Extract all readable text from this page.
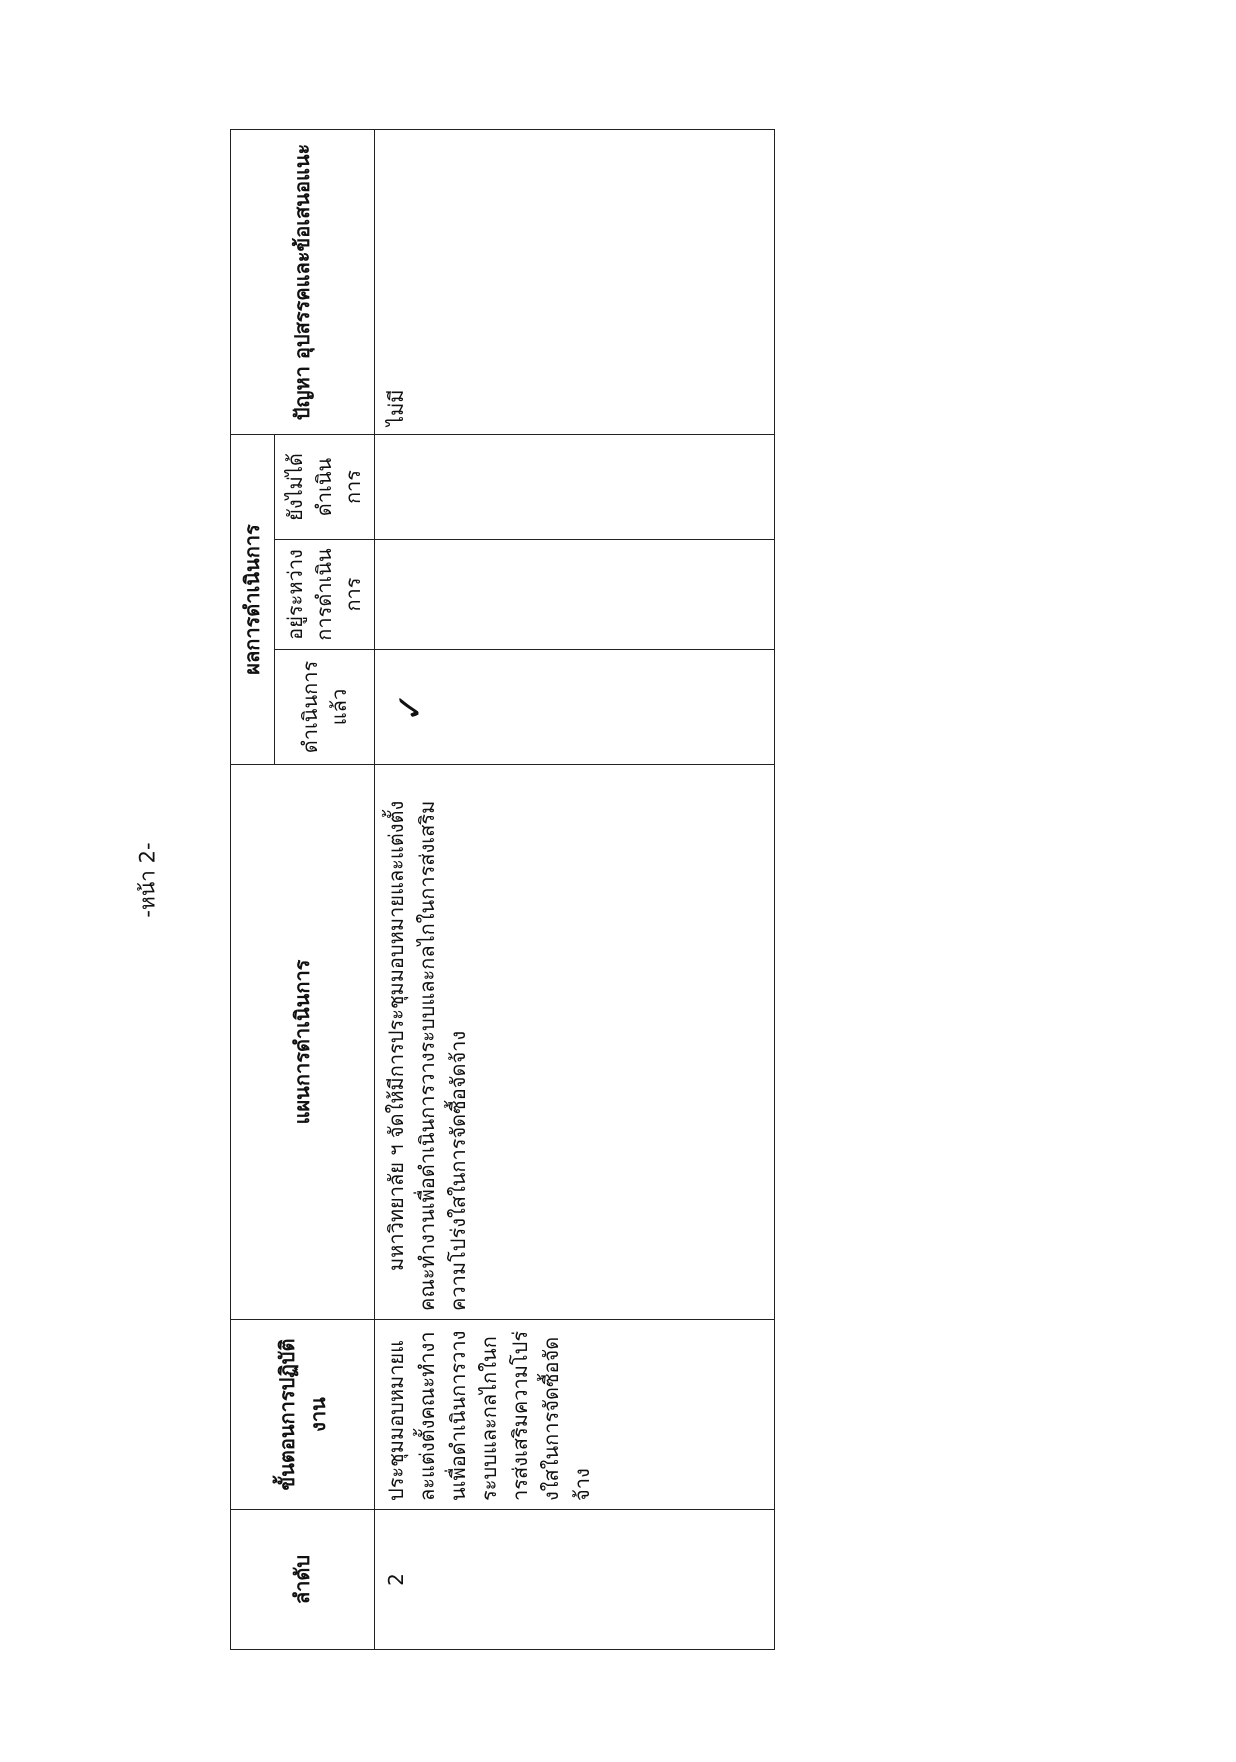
-หน้า 2-
ลำดับ	ขั้นตอนการปฏิบัติงาน	แผนการดำเนินการ	ผลการดำเนินการ			ปัญหา อุปสรรคและข้อเสนอแนะ
			ดำเนินการแล้ว	อยู่ระหว่างการดำเนินการ	ยังไม่ได้ดำเนินการ	
2	ประชุมมอบหมายและแต่งตั้งคณะทำงานเพื่อดำเนินการวางระบบและกลไกในการส่งเสริมความโปร่งใสในการจัดซื้อจัดจ้าง	มหาวิทยาลัย ฯ จัดให้มีการประชุมมอบหมายและแต่งตั้งคณะทำงานเพื่อดำเนินการวางระบบและกลไกในการส่งเสริมความโปร่งใสในการจัดซื้อจัดจ้าง	✓			ไม่มี
